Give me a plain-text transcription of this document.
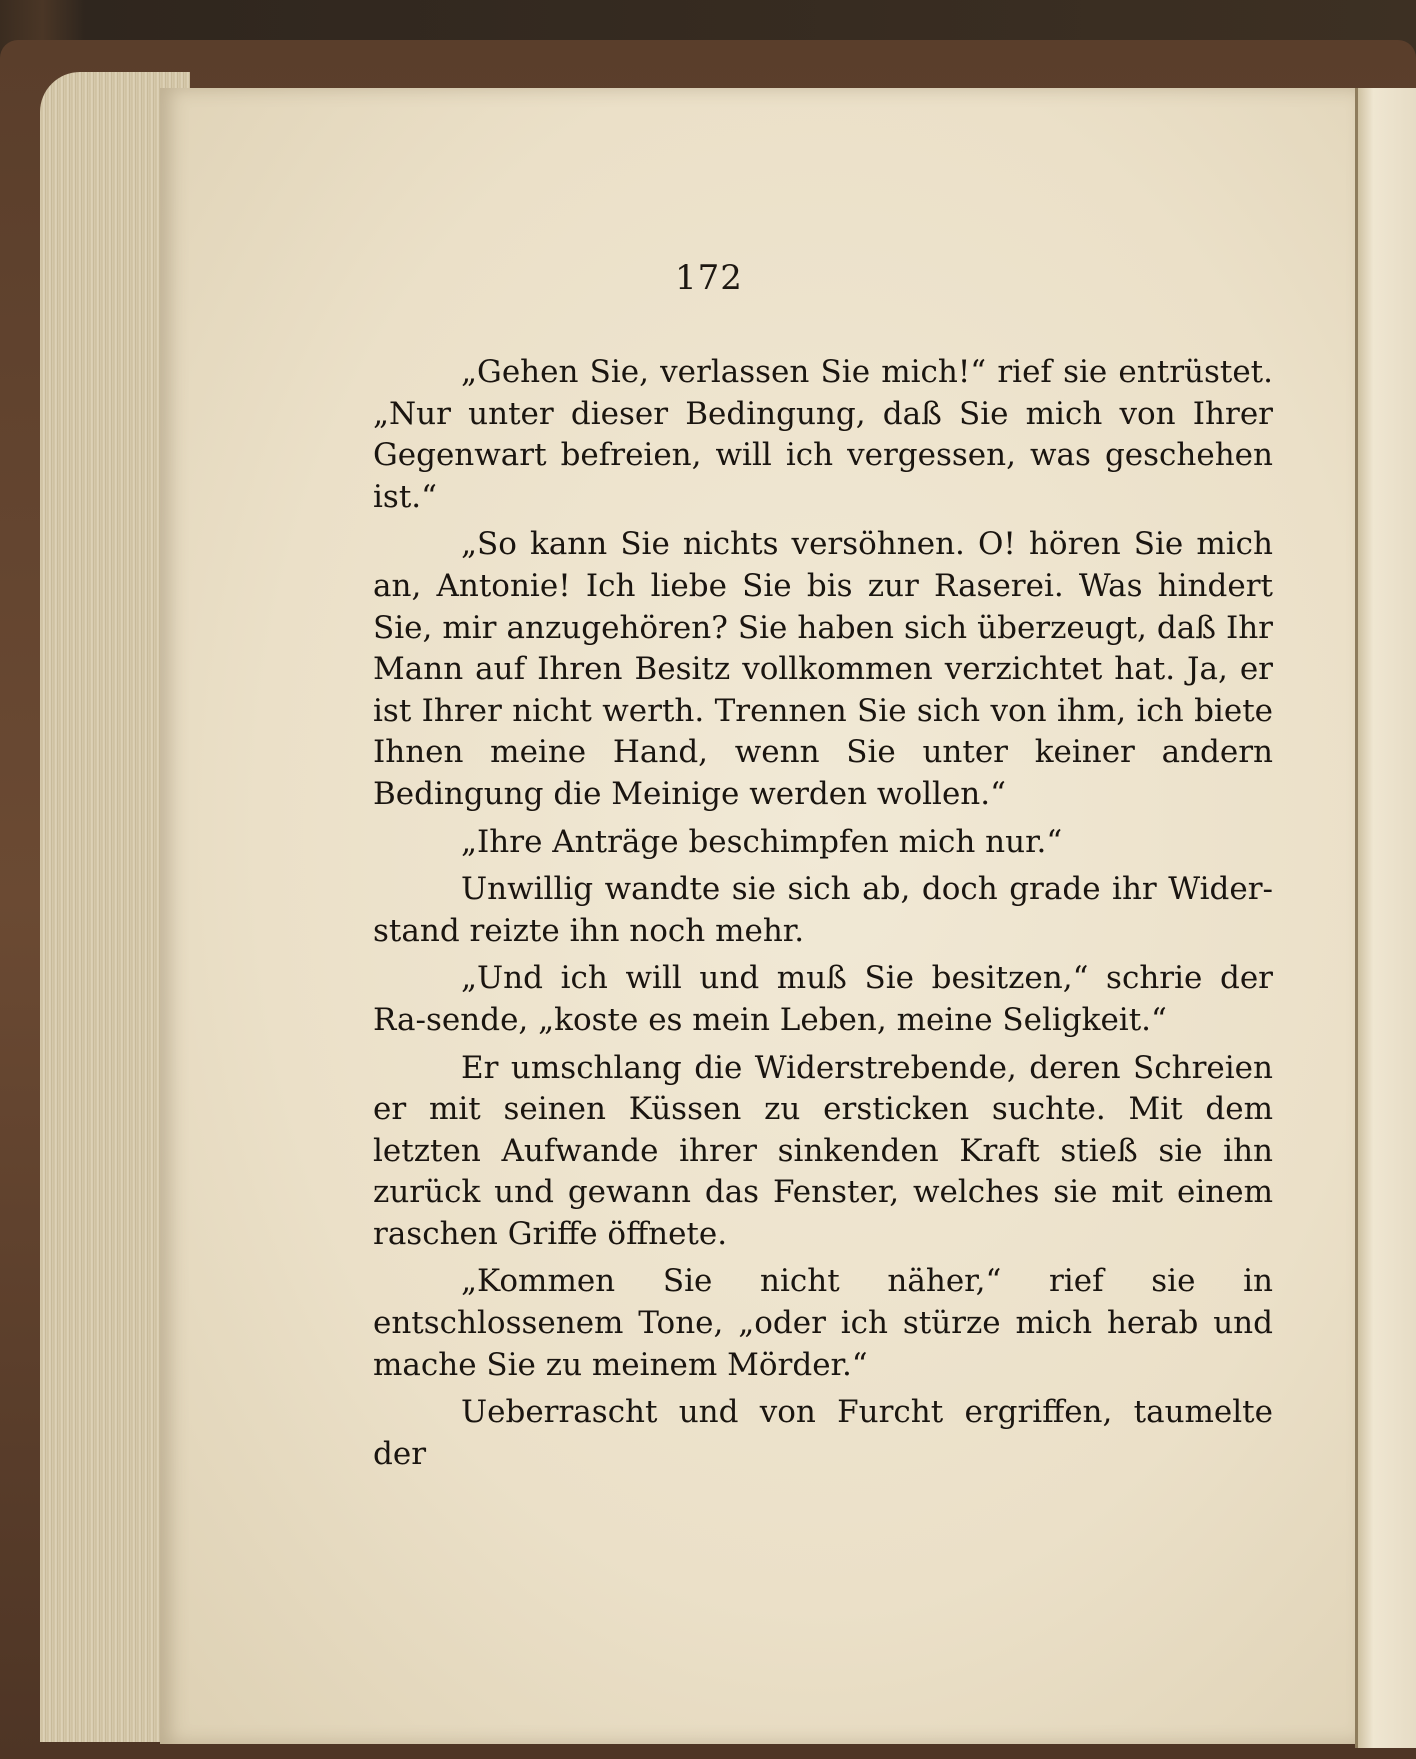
172

„Gehen Sie, verlassen Sie mich!“ rief sie entrüstet. „Nur unter dieser Bedingung, daß Sie mich von Ihrer Gegenwart befreien, will ich vergessen, was geschehen ist.“

„So kann Sie nichts versöhnen. O! hören Sie mich an, Antonie! Ich liebe Sie bis zur Raserei. Was hindert Sie, mir anzugehören? Sie haben sich überzeugt, daß Ihr Mann auf Ihren Besitz vollkommen verzichtet hat. Ja, er ist Ihrer nicht werth. Trennen Sie sich von ihm, ich biete Ihnen meine Hand, wenn Sie unter keiner andern Bedingung die Meinige werden wollen.“

„Ihre Anträge beschimpfen mich nur.“

Unwillig wandte sie sich ab, doch grade ihr Wider-stand reizte ihn noch mehr.

„Und ich will und muß Sie besitzen,“ schrie der Ra-sende, „koste es mein Leben, meine Seligkeit.“

Er umschlang die Widerstrebende, deren Schreien er mit seinen Küssen zu ersticken suchte. Mit dem letzten Aufwande ihrer sinkenden Kraft stieß sie ihn zurück und gewann das Fenster, welches sie mit einem raschen Griffe öffnete.

„Kommen Sie nicht näher,“ rief sie in entschlossenem Tone, „oder ich stürze mich herab und mache Sie zu meinem Mörder.“

Ueberrascht und von Furcht ergriffen, taumelte der
